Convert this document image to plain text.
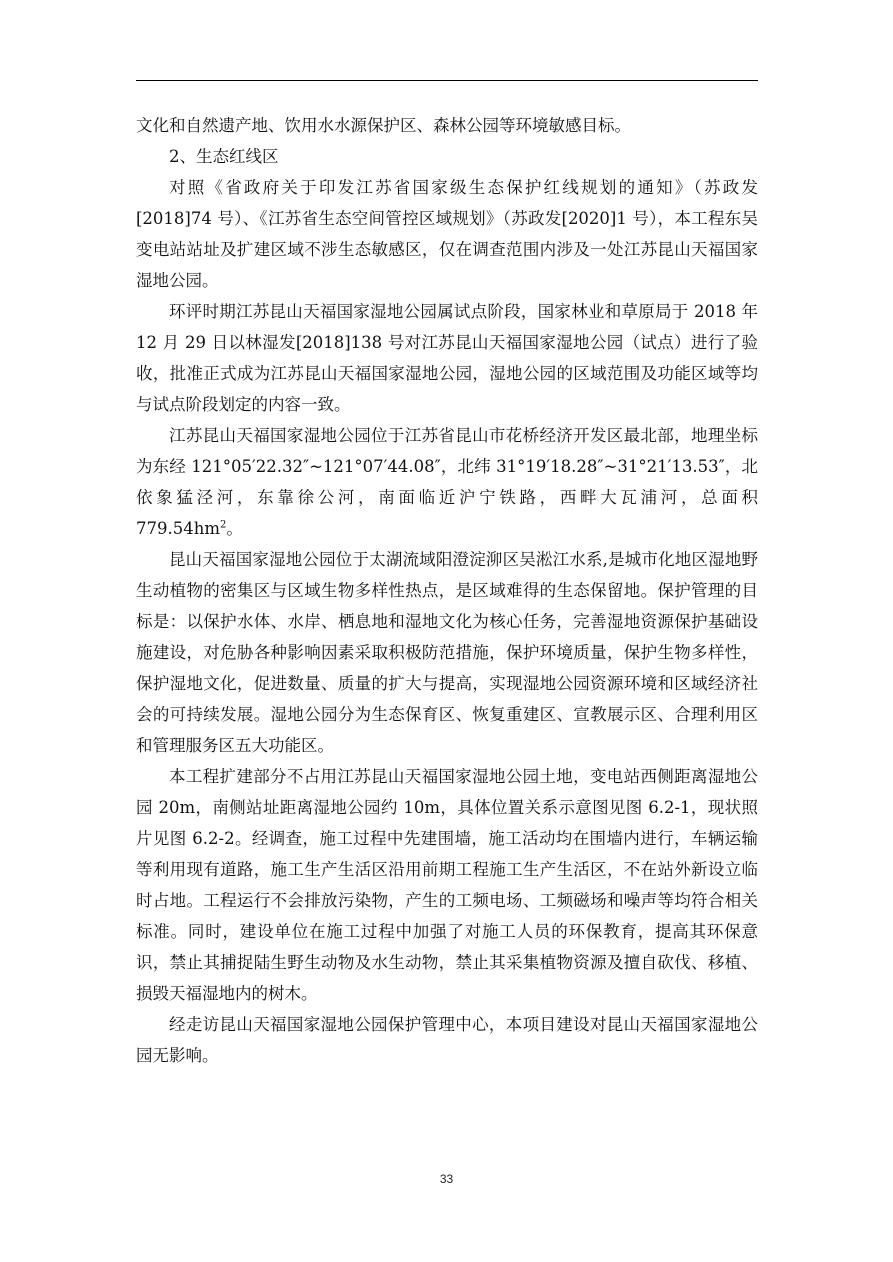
文化和自然遗产地、饮用水水源保护区、森林公园等环境敏感目标。

2、生态红线区

对照《省政府关于印发江苏省国家级生态保护红线规划的通知》（苏政发[2018]74 号）、《江苏省生态空间管控区域规划》（苏政发[2020]1 号），本工程东吴变电站站址及扩建区域不涉生态敏感区，仅在调查范围内涉及一处江苏昆山天福国家湿地公园。

环评时期江苏昆山天福国家湿地公园属试点阶段，国家林业和草原局于 2018 年 12 月 29 日以林湿发[2018]138 号对江苏昆山天福国家湿地公园（试点）进行了验收，批准正式成为江苏昆山天福国家湿地公园，湿地公园的区域范围及功能区域等均与试点阶段划定的内容一致。

江苏昆山天福国家湿地公园位于江苏省昆山市花桥经济开发区最北部，地理坐标为东经 121°05′22.32″~121°07′44.08″，北纬 31°19′18.28″~31°21′13.53″，北依象猛泾河，东靠徐公河，南面临近沪宁铁路，西畔大瓦浦河，总面积 $779.54hm^2$。

昆山天福国家湿地公园位于太湖流域阳澄淀泖区吴淞江水系,是城市化地区湿地野生动植物的密集区与区域生物多样性热点，是区域难得的生态保留地。保护管理的目标是：以保护水体、水岸、栖息地和湿地文化为核心任务，完善湿地资源保护基础设施建设，对危胁各种影响因素采取积极防范措施，保护环境质量，保护生物多样性，保护湿地文化，促进数量、质量的扩大与提高，实现湿地公园资源环境和区域经济社会的可持续发展。湿地公园分为生态保育区、恢复重建区、宣教展示区、合理利用区和管理服务区五大功能区。

本工程扩建部分不占用江苏昆山天福国家湿地公园土地，变电站西侧距离湿地公园 20m，南侧站址距离湿地公园约 10m，具体位置关系示意图见图 6.2-1，现状照片见图 6.2-2。经调查，施工过程中先建围墙，施工活动均在围墙内进行，车辆运输等利用现有道路，施工生产生活区沿用前期工程施工生产生活区，不在站外新设立临时占地。工程运行不会排放污染物，产生的工频电场、工频磁场和噪声等均符合相关标准。同时，建设单位在施工过程中加强了对施工人员的环保教育，提高其环保意识，禁止其捕捉陆生野生动物及水生动物，禁止其采集植物资源及擅自砍伐、移植、损毁天福湿地内的树木。

经走访昆山天福国家湿地公园保护管理中心，本项目建设对昆山天福国家湿地公园无影响。

33
